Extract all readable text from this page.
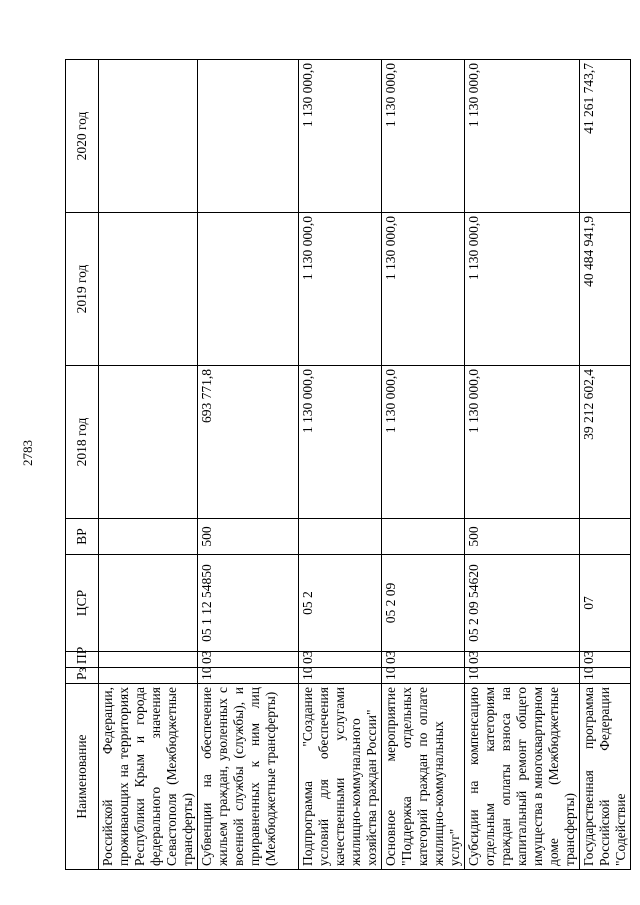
2783
Наименование	Рз	ПР	ЦСР	ВР	2018 год	2019 год	2020 год
Российской Федерации, проживающих на территориях Республики Крым и города федерального значения Севастополя (Межбюджетные трансферты)							
Субвенции на обеспечение жильем граждан, уволенных с военной службы (службы), и приравненных к ним лиц (Межбюджетные трансферты)	10	03	05 1 12 54850	500	693 771,8		
Подпрограмма "Создание условий для обеспечения качественными услугами жилищно-коммунального хозяйства граждан России"	10	03	05 2		1 130 000,0	1 130 000,0	1 130 000,0
Основное мероприятие "Поддержка отдельных категорий граждан по оплате жилищно-коммунальных услуг"	10	03	05 2 09		1 130 000,0	1 130 000,0	1 130 000,0
Субсидии на компенсацию отдельным категориям граждан оплаты взноса на капитальный ремонт общего имущества в многоквартирном доме (Межбюджетные трансферты)	10	03	05 2 09 54620	500	1 130 000,0	1 130 000,0	1 130 000,0
Государственная программа Российской Федерации "Содействие	10	03	07		39 212 602,4	40 484 941,9	41 261 743,7
